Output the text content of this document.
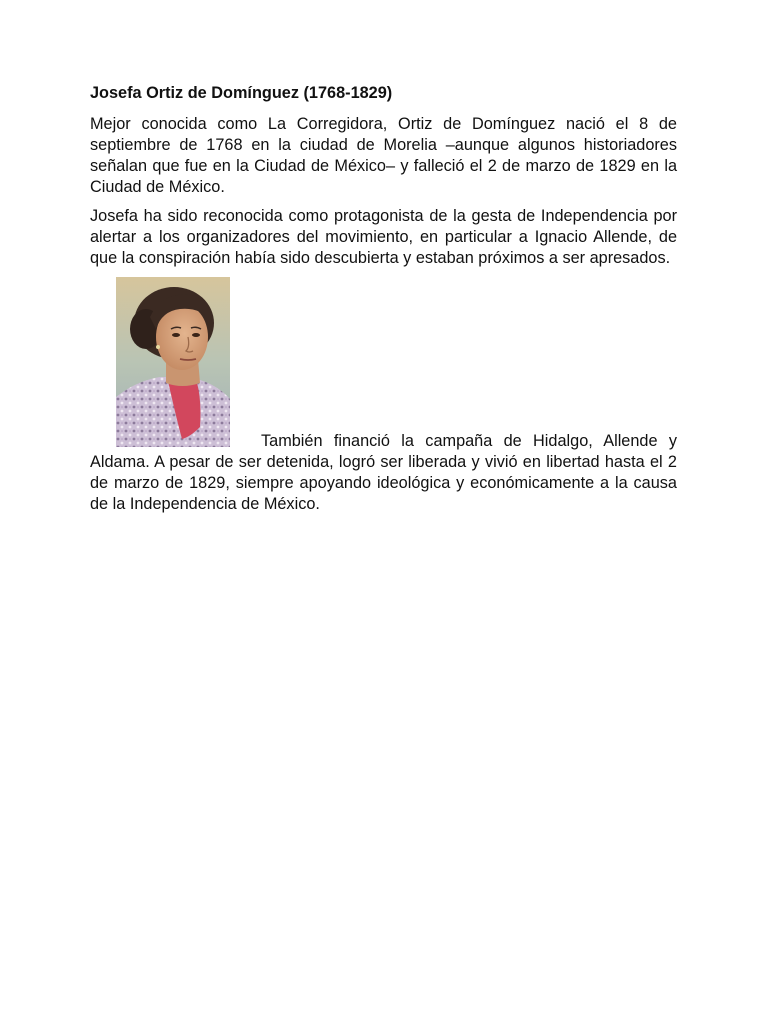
Josefa Ortiz de Domínguez (1768-1829)

Mejor conocida como La Corregidora, Ortiz de Domínguez nació el 8 de septiembre de 1768 en la ciudad de Morelia –aunque algunos historiadores señalan que fue en la Ciudad de México– y falleció el 2 de marzo de 1829 en la Ciudad de México.

Josefa ha sido reconocida como protagonista de la gesta de Independencia por alertar a los organizadores del movimiento, en particular a Ignacio Allende, de que la conspiración había sido descubierta y estaban próximos a ser apresados.

También financió la campaña de Hidalgo, Allende y Aldama. A pesar de ser detenida, logró ser liberada y vivió en libertad hasta el 2 de marzo de 1829, siempre apoyando ideológica y económicamente a la causa de la Independencia de México.
